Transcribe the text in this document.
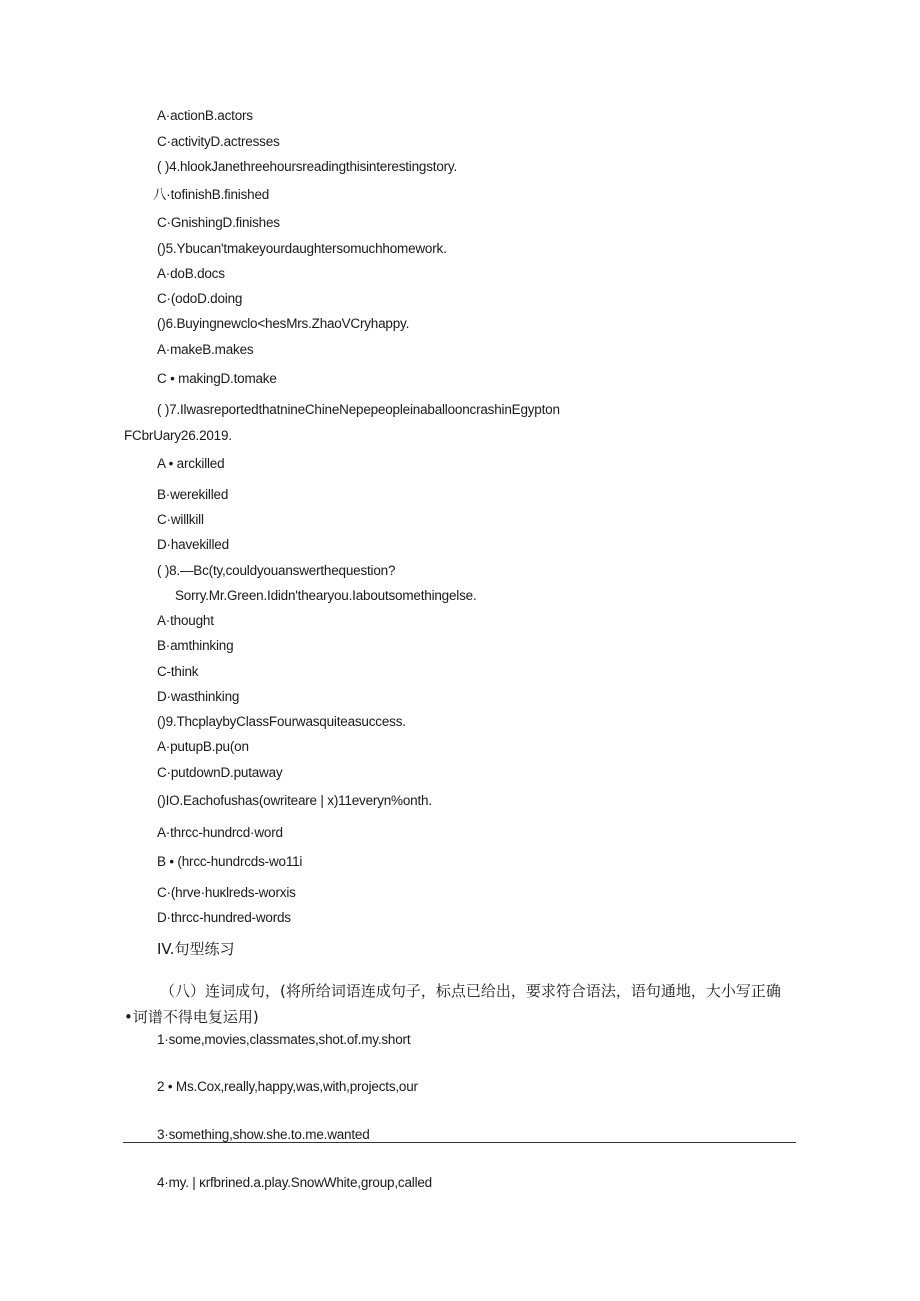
A·actionB.actors
C·activityD.actresses
( )4.hlookJanethreehoursreadingthisinterestingstory.
八·tofinishB.finished
C·GnishingD.finishes
()5.Ybucan'tmakeyourdaughtersomuchhomework.
A·doB.docs
C·(odoD.doing
()6.Buyingnewclo<hesMrs.ZhaoVCryhappy.
A·makeB.makes
C • makingD.tomake
( )7.IlwasreportedthatnineChineNepepeopleinaballooncrashinEgypton
FCbrUary26.2019.
A • arckilled
B·werekilled
C·willkill
D·havekilled
( )8.—Bc(ty,couldyouanswerthequestion?
Sorry.Mr.Green.Ididn'thearyou.Iaboutsomethingelse.
A·thought
B·amthinking
C-think
D·wasthinking
()9.ThcplaybyClassFourwasquiteasuccess.
A·putupB.pu(on
C·putdownD.putaway
()IO.Eachofushas(owriteare | x)11everyn%onth.
A·thrcc-hundrcd·word
B • (hrcc-hundrcds-wo11i
C·(hrve·huκlreds-worxis
D·thrcc-hundred-words
IV.句型练习
（八）连词成句，(将所给词语连成句子，标点已给出，要求符合语法，语句通地，大小写正确
•诃谱不得电复运用)
1·some,movies,classmates,shot.of.my.short
2 • Ms.Cox,really,happy,was,with,projects,our
3·something,show.she.to.me.wanted
4·my. | κrfbrined.a.play.SnowWhite,group,called
